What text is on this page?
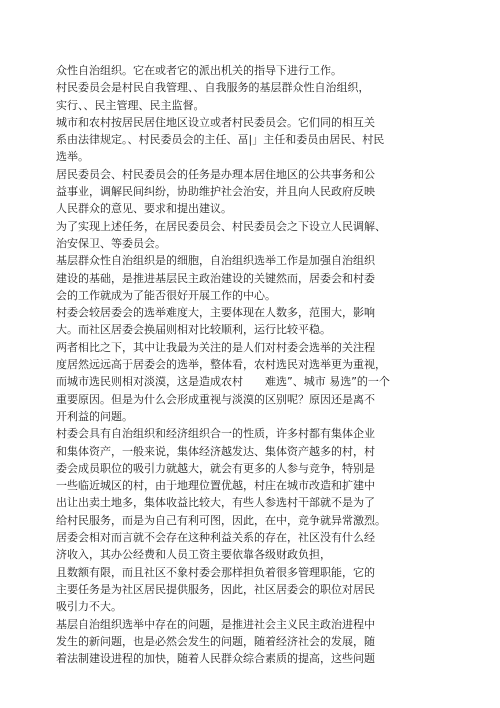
众性自治组织。它在或者它的派出机关的指导下进行工作。
村民委员会是村民自我管理、、自我服务的基层群众性自治组织，
实行、、民主管理、民主监督。
城市和农村按居民居住地区设立或者村民委员会。它们同的相互关
系由法律规定。、村民委员会的主任、畐|」主任和委员由居民、村民
选举。
居民委员会、村民委员会的任务是办理本居住地区的公共事务和公
益事业，调解民间纠纷，协助维护社会治安，并且向人民政府反映
人民群众的意见、要求和提出建议。
为了实现上述任务，在居民委员会、村民委员会之下设立人民调解、
治安保卫、等委员会。
基层群众性自治组织是的细胞，自治组织选举工作是加强自治组织
建设的基础，是推进基层民主政治建设的关键然而，居委会和村委
会的工作就成为了能否很好开展工作的中心。
村委会较居委会的选举难度大，主要体现在人数多，范围大，影响
大。而社区居委会换届则相对比较顺利，运行比较平稳。
两者相比之下，其中让我最为关注的是人们对村委会选举的关注程
度居然远远高于居委会的选举，整体看，农村选民对选举更为重视，
而城市选民则相对淡漠，这是造成农村　　难选”、城市 易选”的一个
重要原因。但是为什么会形成重视与淡漠的区别呢？原因还是离不
开利益的问题。
村委会具有自治组织和经济组织合一的性质，许多村都有集体企业
和集体资产，一般来说，集体经济越发达、集体资产越多的村，村
委会成员职位的吸引力就越大，就会有更多的人参与竞争，特别是
一些临近城区的村，由于地理位置优越，村庄在城市改造和扩建中
出让出卖土地多，集体收益比较大，有些人参选村干部就不是为了
给村民服务，而是为自己有利可图，因此，在中，竞争就异常激烈。
居委会相对而言就不会存在这种利益关系的存在，社区没有什么经
济收入，其办公经费和人员工资主要依靠各级财政负担，
且数额有限，而且社区不象村委会那样担负着很多管理职能，它的
主要任务是为社区居民提供服务，因此，社区居委会的职位对居民
吸引力不大。
基层自治组织选举中存在的问题，是推进社会主义民主政治进程中
发生的新问题，也是必然会发生的问题，随着经济社会的发展，随
着法制建设进程的加快，随着人民群众综合素质的提高，这些问题
